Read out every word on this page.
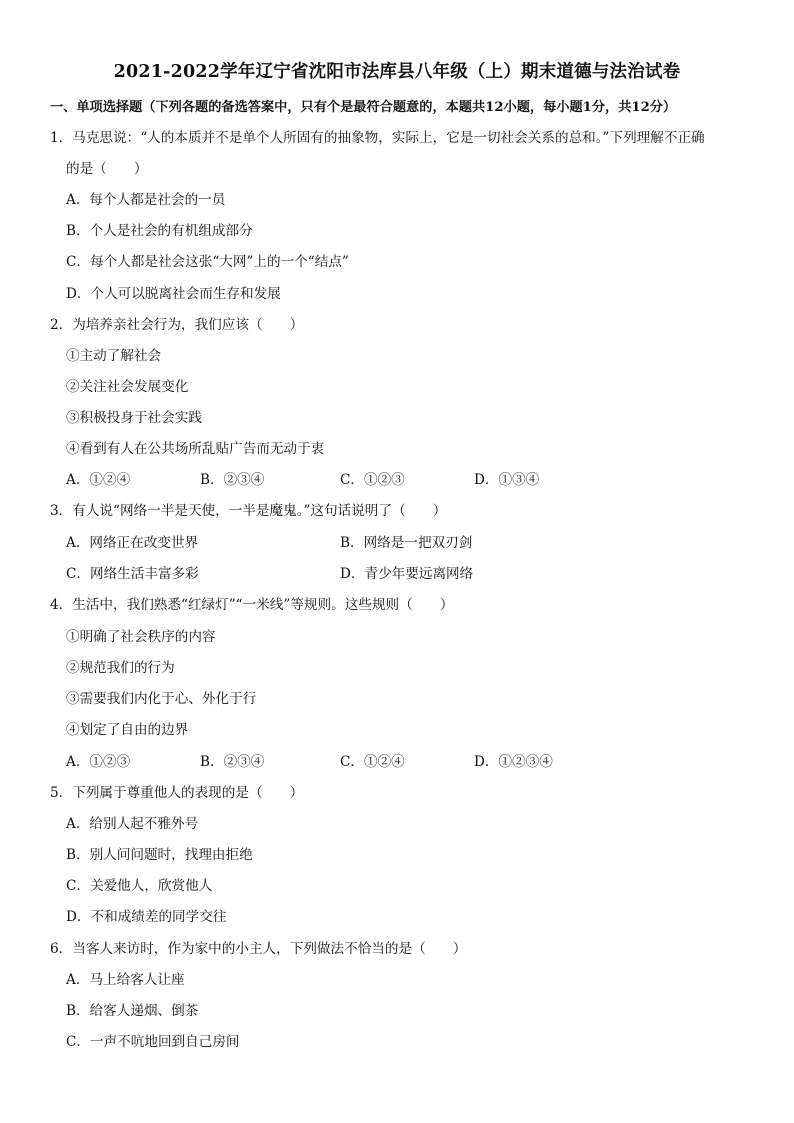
2021-2022学年辽宁省沈阳市法库县八年级（上）期末道德与法治试卷
一、单项选择题（下列各题的备选答案中，只有个是最符合题意的，本题共12小题，每小题1分，共12分）
1．马克思说：“人的本质并不是单个人所固有的抽象物，实际上，它是一切社会关系的总和。”下列理解不正确
的是（　　）
A．每个人都是社会的一员
B．个人是社会的有机组成部分
C．每个人都是社会这张“大网”上的一个“结点”
D．个人可以脱离社会而生存和发展
2．为培养亲社会行为，我们应该（　　）
①主动了解社会
②关注社会发展变化
③积极投身于社会实践
④看到有人在公共场所乱贴广告而无动于衷
A．①②④	B．②③④	C．①②③	D．①③④
3．有人说“网络一半是天使，一半是魔鬼。”这句话说明了（　　）
A．网络正在改变世界	B．网络是一把双刃剑
C．网络生活丰富多彩	D．青少年要远离网络
4．生活中，我们熟悉“红绿灯”“一米线”等规则。这些规则（　　）
①明确了社会秩序的内容
②规范我们的行为
③需要我们内化于心、外化于行
④划定了自由的边界
A．①②③	B．②③④	C．①②④	D．①②③④
5．下列属于尊重他人的表现的是（　　）
A．给别人起不雅外号
B．别人问问题时，找理由拒绝
C．关爱他人，欣赏他人
D．不和成绩差的同学交往
6．当客人来访时，作为家中的小主人，下列做法不恰当的是（　　）
A．马上给客人让座
B．给客人递烟、倒茶
C．一声不吭地回到自己房间
